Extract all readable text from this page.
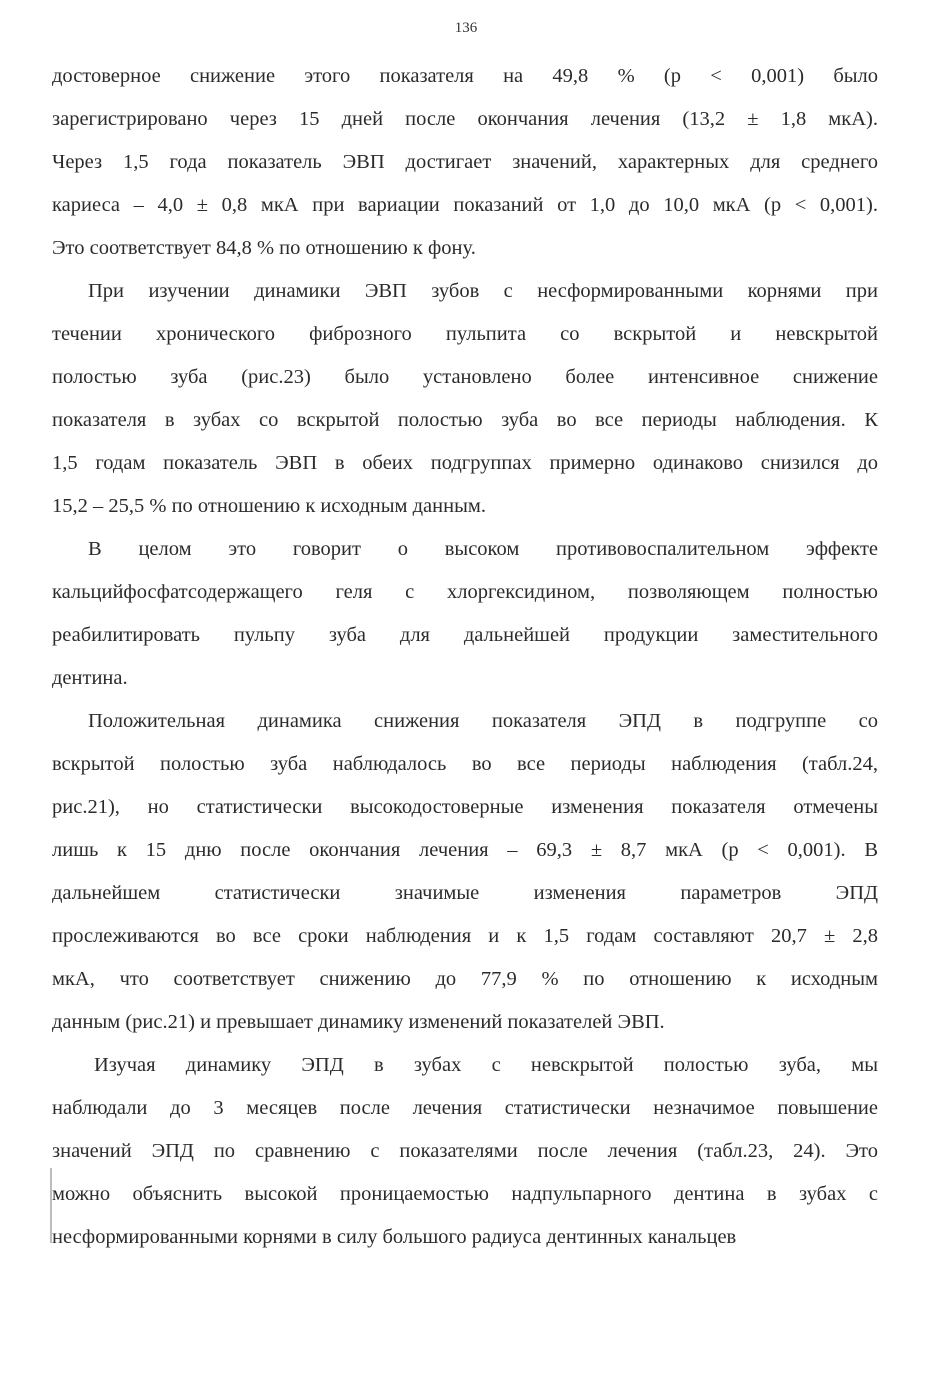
136
достоверное снижение этого показателя на 49,8 % (р < 0,001) было
зарегистрировано через 15 дней после окончания лечения (13,2 ± 1,8 мкА).
Через 1,5 года показатель ЭВП достигает значений, характерных для среднего
кариеса – 4,0 ± 0,8 мкА при вариации показаний от 1,0 до 10,0 мкА (р < 0,001).
Это соответствует 84,8 % по отношению к фону.
При изучении динамики ЭВП зубов с несформированными корнями при
течении хронического фиброзного пульпита со вскрытой и невскрытой
полостью зуба (рис.23) было установлено более интенсивное снижение
показателя в зубах со вскрытой полостью зуба во все периоды наблюдения. К
1,5 годам показатель ЭВП в обеих подгруппах примерно одинаково снизился до
15,2 – 25,5 % по отношению к исходным данным.
В целом это говорит о высоком противовоспалительном эффекте
кальцийфосфатсодержащего геля с хлоргексидином, позволяющем полностью
реабилитировать пульпу зуба для дальнейшей продукции заместительного
дентина.
Положительная динамика снижения показателя ЭПД в подгруппе со
вскрытой полостью зуба наблюдалось во все периоды наблюдения (табл.24,
рис.21), но статистически высокодостоверные изменения показателя отмечены
лишь к 15 дню после окончания лечения – 69,3 ± 8,7 мкА (р < 0,001). В
дальнейшем статистически значимые изменения параметров ЭПД
прослеживаются во все сроки наблюдения и к 1,5 годам составляют 20,7 ± 2,8
мкА, что соответствует снижению до 77,9 % по отношению к исходным
данным (рис.21) и превышает динамику изменений показателей ЭВП.
Изучая динамику ЭПД в зубах с невскрытой полостью зуба, мы
наблюдали до 3 месяцев после лечения статистически незначимое повышение
значений ЭПД по сравнению с показателями после лечения (табл.23, 24). Это
можно объяснить высокой проницаемостью надпульпарного дентина в зубах с
несформированными корнями в силу большого радиуса дентинных канальцев
